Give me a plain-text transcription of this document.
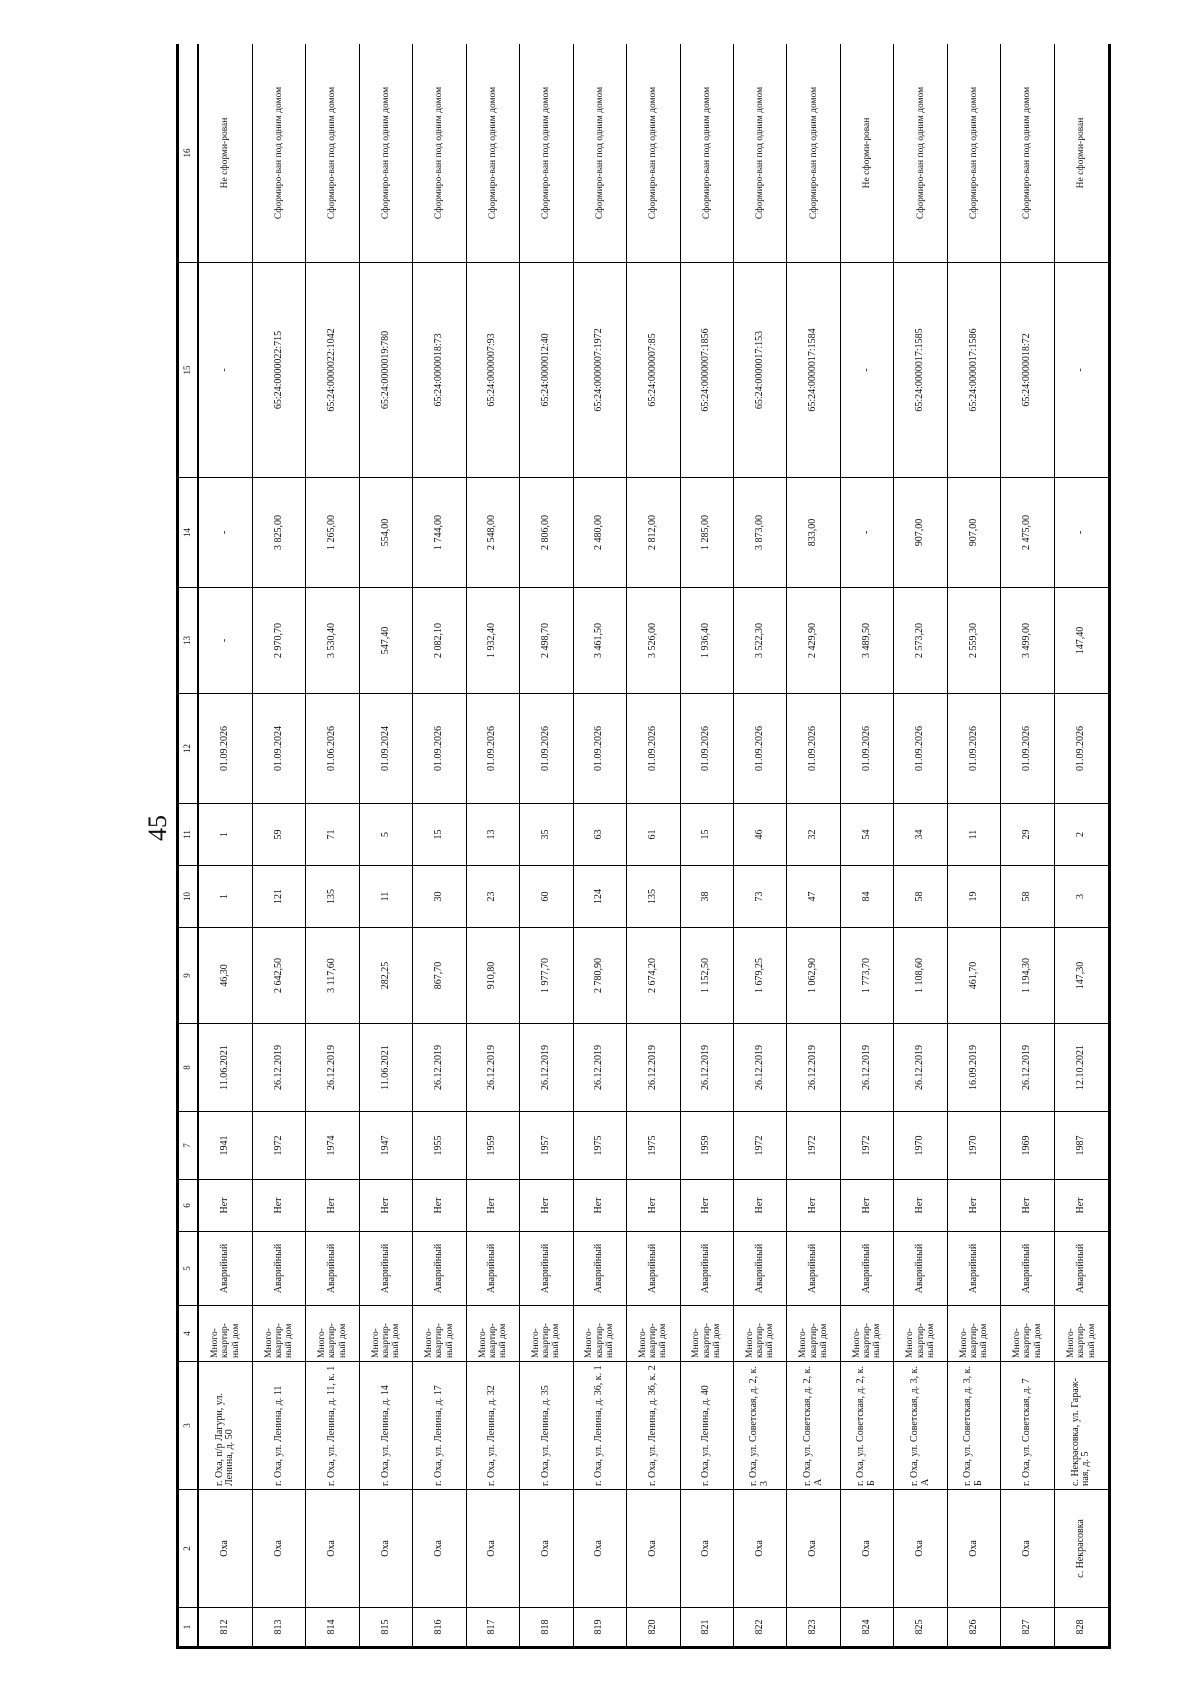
45
1	2	3	4	5	6	7	8	9	10	11	12	13	14	15	16
812	Оха	г. Оха, п/р Лагури, ул. Ленина, д. 50	Много-квартир-ный дом	Аварийный	Нет	1941	11.06.2021	46,30	1	1	01.09.2026	-	-	-	Не сформи-рован
813	Оха	г. Оха, ул. Ленина, д. 11	Много-квартир-ный дом	Аварийный	Нет	1972	26.12.2019	2 642,50	121	59	01.09.2024	2 970,70	3 825,00	65:24:0000022:715	Сформиро-ван под одним домом
814	Оха	г. Оха, ул. Ленина, д. 11, к. 1	Много-квартир-ный дом	Аварийный	Нет	1974	26.12.2019	3 117,60	135	71	01.06.2026	3 530,40	1 265,00	65:24:0000022:1042	Сформиро-ван под одним домом
815	Оха	г. Оха, ул. Ленина, д. 14	Много-квартир-ный дом	Аварийный	Нет	1947	11.06.2021	282,25	11	5	01.09.2024	547,40	554,00	65:24:0000019:780	Сформиро-ван под одним домом
816	Оха	г. Оха, ул. Ленина, д. 17	Много-квартир-ный дом	Аварийный	Нет	1955	26.12.2019	867,70	30	15	01.09.2026	2 082,10	1 744,00	65:24:0000018:73	Сформиро-ван под одним домом
817	Оха	г. Оха, ул. Ленина, д. 32	Много-квартир-ный дом	Аварийный	Нет	1959	26.12.2019	910,80	23	13	01.09.2026	1 932,40	2 548,00	65:24:0000007:93	Сформиро-ван под одним домом
818	Оха	г. Оха, ул. Ленина, д. 35	Много-квартир-ный дом	Аварийный	Нет	1957	26.12.2019	1 977,70	60	35	01.09.2026	2 498,70	2 806,00	65:24:0000012:40	Сформиро-ван под одним домом
819	Оха	г. Оха, ул. Ленина, д. 36, к. 1	Много-квартир-ный дом	Аварийный	Нет	1975	26.12.2019	2 780,90	124	63	01.09.2026	3 461,50	2 480,00	65:24:0000007:1972	Сформиро-ван под одним домом
820	Оха	г. Оха, ул. Ленина, д. 36, к. 2	Много-квартир-ный дом	Аварийный	Нет	1975	26.12.2019	2 674,20	135	61	01.09.2026	3 526,00	2 812,00	65:24:0000007:85	Сформиро-ван под одним домом
821	Оха	г. Оха, ул. Ленина, д. 40	Много-квартир-ный дом	Аварийный	Нет	1959	26.12.2019	1 152,50	38	15	01.09.2026	1 936,40	1 285,00	65:24:0000007:1856	Сформиро-ван под одним домом
822	Оха	г. Оха, ул. Советская, д. 2, к. 3	Много-квартир-ный дом	Аварийный	Нет	1972	26.12.2019	1 679,25	73	46	01.09.2026	3 522,30	3 873,00	65:24:0000017:153	Сформиро-ван под одним домом
823	Оха	г. Оха, ул. Советская, д. 2, к. А	Много-квартир-ный дом	Аварийный	Нет	1972	26.12.2019	1 062,90	47	32	01.09.2026	2 429,90	833,00	65:24:0000017:1584	Сформиро-ван под одним домом
824	Оха	г. Оха, ул. Советская, д. 2, к. Б	Много-квартир-ный дом	Аварийный	Нет	1972	26.12.2019	1 773,70	84	54	01.09.2026	3 489,50	-	-	Не сформи-рован
825	Оха	г. Оха, ул. Советская, д. 3, к. А	Много-квартир-ный дом	Аварийный	Нет	1970	26.12.2019	1 108,60	58	34	01.09.2026	2 573,20	907,00	65:24:0000017:1585	Сформиро-ван под одним домом
826	Оха	г. Оха, ул. Советская, д. 3, к. Б	Много-квартир-ный дом	Аварийный	Нет	1970	16.09.2019	461,70	19	11	01.09.2026	2 559,30	907,00	65:24:0000017:1586	Сформиро-ван под одним домом
827	Оха	г. Оха, ул. Советская, д. 7	Много-квартир-ный дом	Аварийный	Нет	1969	26.12.2019	1 194,30	58	29	01.09.2026	3 499,00	2 475,00	65:24:0000018:72	Сформиро-ван под одним домом
828	с. Некрасовка	с. Некрасовка, ул. Гараж-ная, д. 5	Много-квартир-ный дом	Аварийный	Нет	1987	12.10.2021	147,30	3	2	01.09.2026	147,40	-	-	Не сформи-рован
